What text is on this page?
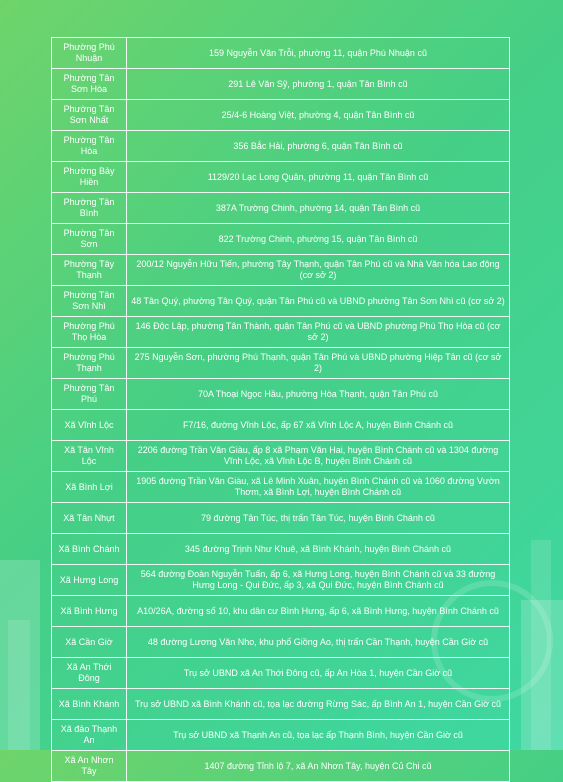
Phường Phú Nhuận	159 Nguyễn Văn Trỗi, phường 11, quận Phú Nhuận cũ
Phường Tân Sơn Hòa	291 Lê Văn Sỹ, phường 1, quận Tân Bình cũ
Phường Tân Sơn Nhất	25/4-6 Hoàng Việt, phường 4, quận Tân Bình cũ
Phường Tân Hòa	356 Bắc Hải, phường 6, quận Tân Bình cũ
Phường Bảy Hiền	1129/20 Lạc Long Quân, phường 11, quận Tân Bình cũ
Phường Tân Bình	387A Trường Chinh, phường 14, quận Tân Bình cũ
Phường Tân Sơn	822 Trường Chinh, phường 15, quận Tân Bình cũ
Phường Tây Thạnh	200/12 Nguyễn Hữu Tiến, phường Tây Thạnh, quận Tân Phú cũ và Nhà Văn hóa Lao động (cơ sở 2)
Phường Tân Sơn Nhì	48 Tân Quý, phường Tân Quý, quận Tân Phú cũ và UBND phường Tân Sơn Nhì cũ (cơ sở 2)
Phường Phú Thọ Hòa	146 Độc Lập, phường Tân Thành, quận Tân Phú cũ và UBND phường Phú Thọ Hòa cũ (cơ sở 2)
Phường Phú Thạnh	275 Nguyễn Sơn, phường Phú Thạnh, quận Tân Phú và UBND phường Hiệp Tân cũ (cơ sở 2)
Phường Tân Phú	70A Thoại Ngọc Hầu, phường Hòa Thạnh, quận Tân Phú cũ
Xã Vĩnh Lộc	F7/16, đường Vĩnh Lộc, ấp 67 xã Vĩnh Lộc A, huyện Bình Chánh cũ
Xã Tân Vĩnh Lộc	2206 đường Trần Văn Giàu, ấp 8 xã Phạm Văn Hai, huyện Bình Chánh cũ và 1304 đường Vĩnh Lộc, xã Vĩnh Lộc B, huyện Bình Chánh cũ
Xã Bình Lợi	1905 đường Trần Văn Giàu, xã Lê Minh Xuân, huyện Bình Chánh cũ và 1060 đường Vườn Thơm, xã Bình Lợi, huyện Bình Chánh cũ
Xã Tân Nhựt	79 đường Tân Túc, thị trấn Tân Túc, huyện Bình Chánh cũ
Xã Bình Chánh	345 đường Trịnh Như Khuê, xã Bình Khánh, huyện Bình Chánh cũ
Xã Hưng Long	564 đường Đoàn Nguyễn Tuấn, ấp 6, xã Hưng Long, huyện Bình Chánh cũ và 33 đường Hưng Long - Qui Đức, ấp 3, xã Qui Đức, huyện Bình Chánh cũ
Xã Bình Hưng	A10/26A, đường số 10, khu dân cư Bình Hưng, ấp 6, xã Bình Hưng, huyện Bình Chánh cũ
Xã Cần Giờ	48 đường Lương Văn Nho, khu phố Giồng Ao, thị trấn Cần Thạnh, huyện Cần Giờ cũ
Xã An Thới Đông	Trụ sở UBND xã An Thới Đông cũ, ấp An Hòa 1, huyện Cần Giờ cũ
Xã Bình Khánh	Trụ sở UBND xã Bình Khánh cũ, tọa lạc đường Rừng Sác, ấp Bình An 1, huyện Cần Giờ cũ
Xã đảo Thạnh An	Trụ sở UBND xã Thạnh An cũ, tọa lạc ấp Thạnh Bình, huyện Cần Giờ cũ
Xã An Nhơn Tây	1407 đường Tỉnh lộ 7, xã An Nhơn Tây, huyện Củ Chi cũ
